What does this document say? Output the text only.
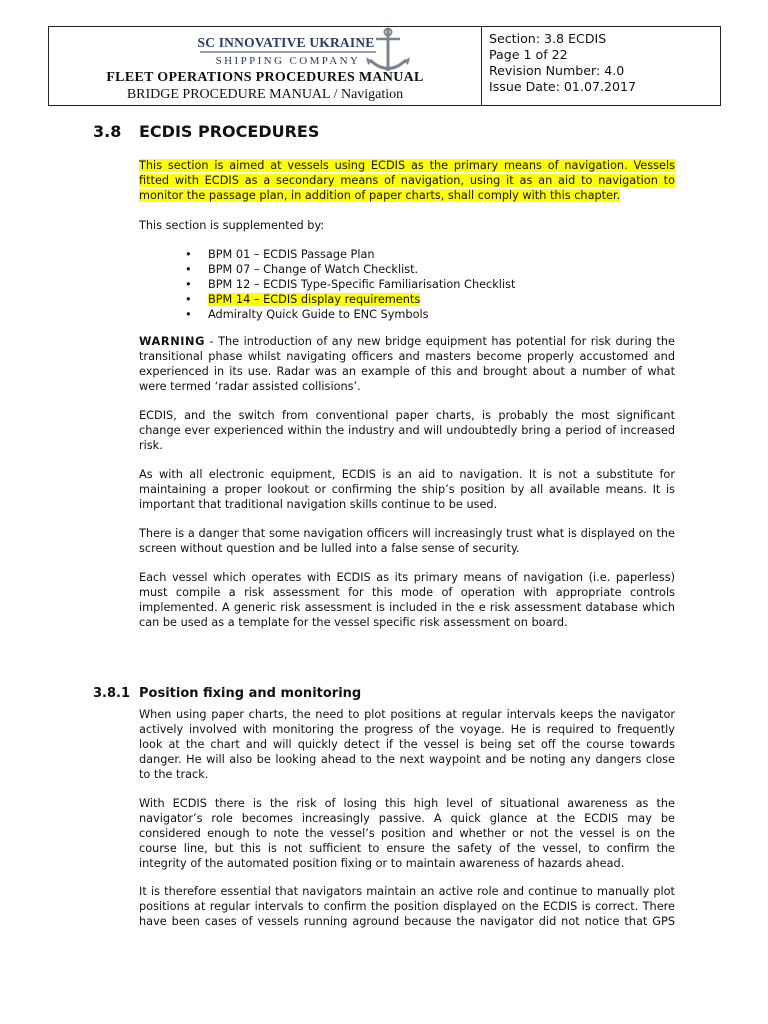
SC INNOVATIVE UKRAINE
SHIPPING COMPANY
FLEET OPERATIONS PROCEDURES MANUAL
BRIDGE PROCEDURE MANUAL / Navigation
Section: 3.8 ECDIS
Page 1 of 22
Revision Number: 4.0
Issue Date: 01.07.2017
3.8 ECDIS PROCEDURES
This section is aimed at vessels using ECDIS as the primary means of navigation. Vessels
fitted with ECDIS as a secondary means of navigation, using it as an aid to navigation to
monitor the passage plan, in addition of paper charts, shall comply with this chapter.
This section is supplemented by:
• BPM 01 – ECDIS Passage Plan
• BPM 07 – Change of Watch Checklist.
• BPM 12 – ECDIS Type-Specific Familiarisation Checklist
• BPM 14 – ECDIS display requirements
• Admiralty Quick Guide to ENC Symbols
WARNING - The introduction of any new bridge equipment has potential for risk during the
transitional phase whilst navigating officers and masters become properly accustomed and
experienced in its use. Radar was an example of this and brought about a number of what
were termed ‘radar assisted collisions’.
ECDIS, and the switch from conventional paper charts, is probably the most significant
change ever experienced within the industry and will undoubtedly bring a period of increased
risk.
As with all electronic equipment, ECDIS is an aid to navigation. It is not a substitute for
maintaining a proper lookout or confirming the ship’s position by all available means. It is
important that traditional navigation skills continue to be used.
There is a danger that some navigation officers will increasingly trust what is displayed on the
screen without question and be lulled into a false sense of security.
Each vessel which operates with ECDIS as its primary means of navigation (i.e. paperless)
must compile a risk assessment for this mode of operation with appropriate controls
implemented. A generic risk assessment is included in the e risk assessment database which
can be used as a template for the vessel specific risk assessment on board.
3.8.1 Position fixing and monitoring
When using paper charts, the need to plot positions at regular intervals keeps the navigator
actively involved with monitoring the progress of the voyage. He is required to frequently
look at the chart and will quickly detect if the vessel is being set off the course towards
danger. He will also be looking ahead to the next waypoint and be noting any dangers close
to the track.
With ECDIS there is the risk of losing this high level of situational awareness as the
navigator’s role becomes increasingly passive. A quick glance at the ECDIS may be
considered enough to note the vessel’s position and whether or not the vessel is on the
course line, but this is not sufficient to ensure the safety of the vessel, to confirm the
integrity of the automated position fixing or to maintain awareness of hazards ahead.
It is therefore essential that navigators maintain an active role and continue to manually plot
positions at regular intervals to confirm the position displayed on the ECDIS is correct. There
have been cases of vessels running aground because the navigator did not notice that GPS
